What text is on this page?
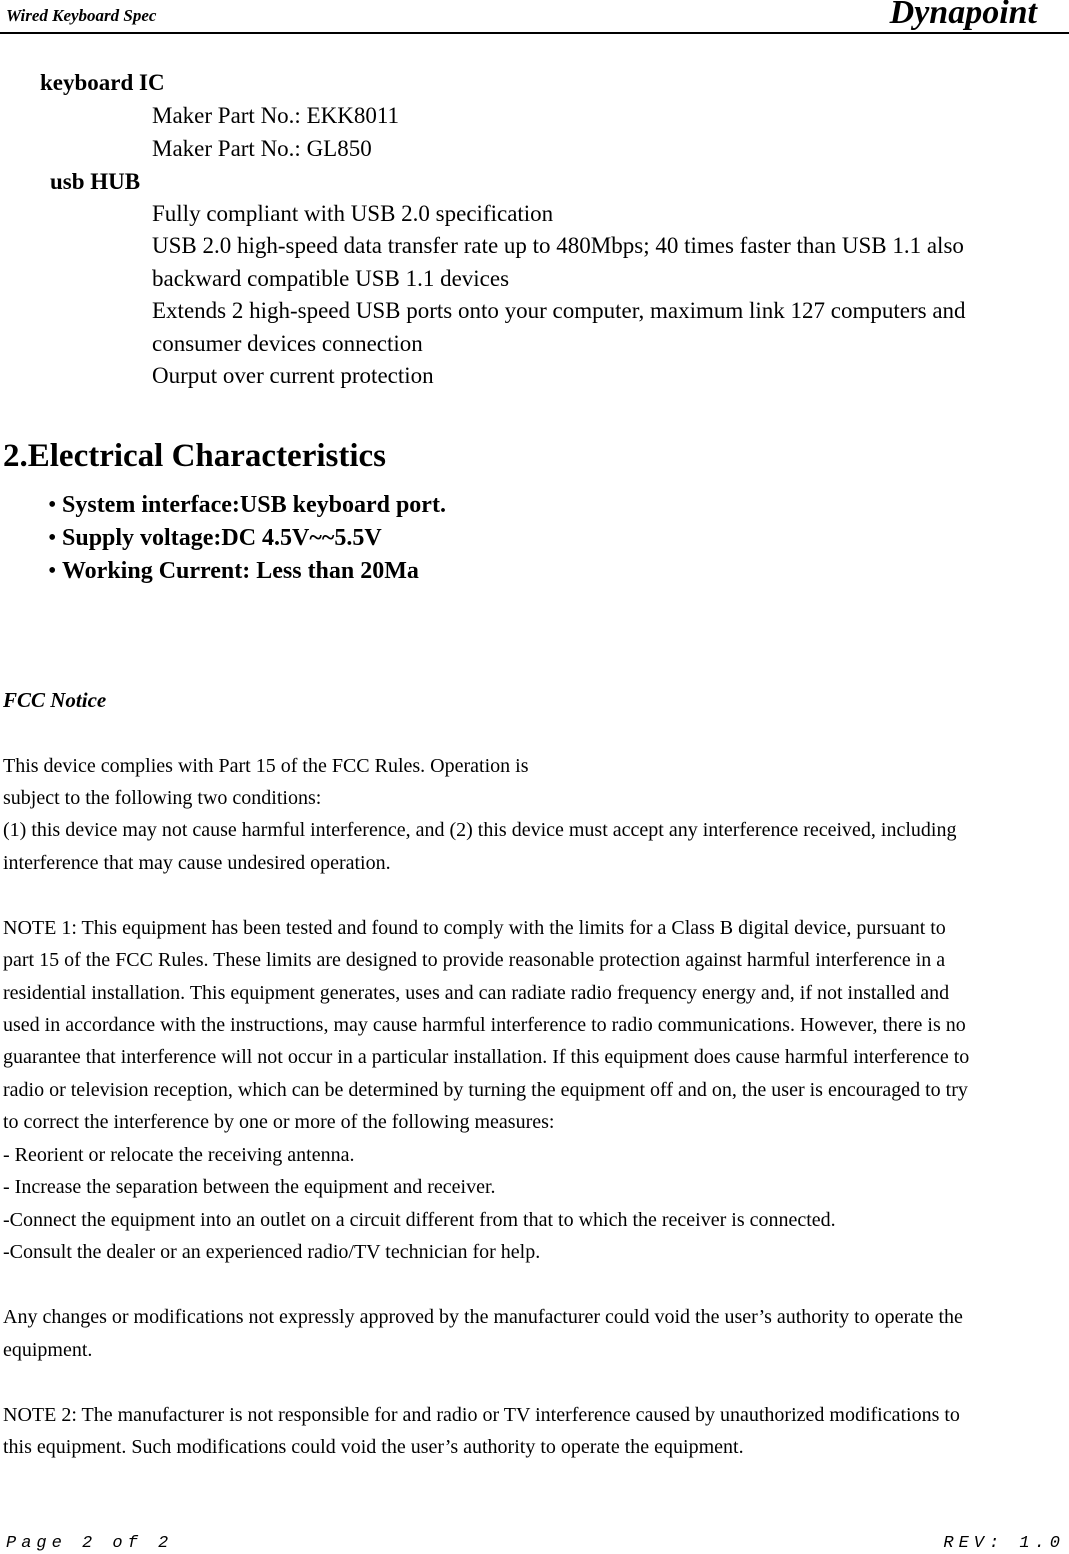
Wired Keyboard Spec	Dynapoint
keyboard IC
Maker Part No.: EKK8011
Maker Part No.: GL850
usb HUB
Fully compliant with USB 2.0 specification
USB 2.0 high-speed data transfer rate up to 480Mbps; 40 times faster than USB 1.1 also
backward compatible USB 1.1 devices
Extends 2 high-speed USB ports onto your computer, maximum link 127 computers and
consumer devices connection
Ourput over current protection
2.Electrical Characteristics
• System interface:USB keyboard port.
• Supply voltage:DC 4.5V~~5.5V
• Working Current: Less than 20Ma
FCC Notice
This device complies with Part 15 of the FCC Rules. Operation is
subject to the following two conditions:
(1) this device may not cause harmful interference, and (2) this device must accept any interference received, including
interference that may cause undesired operation.
NOTE 1: This equipment has been tested and found to comply with the limits for a Class B digital device, pursuant to
part 15 of the FCC Rules. These limits are designed to provide reasonable protection against harmful interference in a
residential installation. This equipment generates, uses and can radiate radio frequency energy and, if not installed and
used in accordance with the instructions, may cause harmful interference to radio communications. However, there is no
guarantee that interference will not occur in a particular installation. If this equipment does cause harmful interference to
radio or television reception, which can be determined by turning the equipment off and on, the user is encouraged to try
to correct the interference by one or more of the following measures:
- Reorient or relocate the receiving antenna.
- Increase the separation between the equipment and receiver.
-Connect the equipment into an outlet on a circuit different from that to which the receiver is connected.
-Consult the dealer or an experienced radio/TV technician for help.
Any changes or modifications not expressly approved by the manufacturer could void the user’s authority to operate the
equipment.
NOTE 2: The manufacturer is not responsible for and radio or TV interference caused by unauthorized modifications to
this equipment. Such modifications could void the user’s authority to operate the equipment.
Page 2 of 2	REV: 1.0
